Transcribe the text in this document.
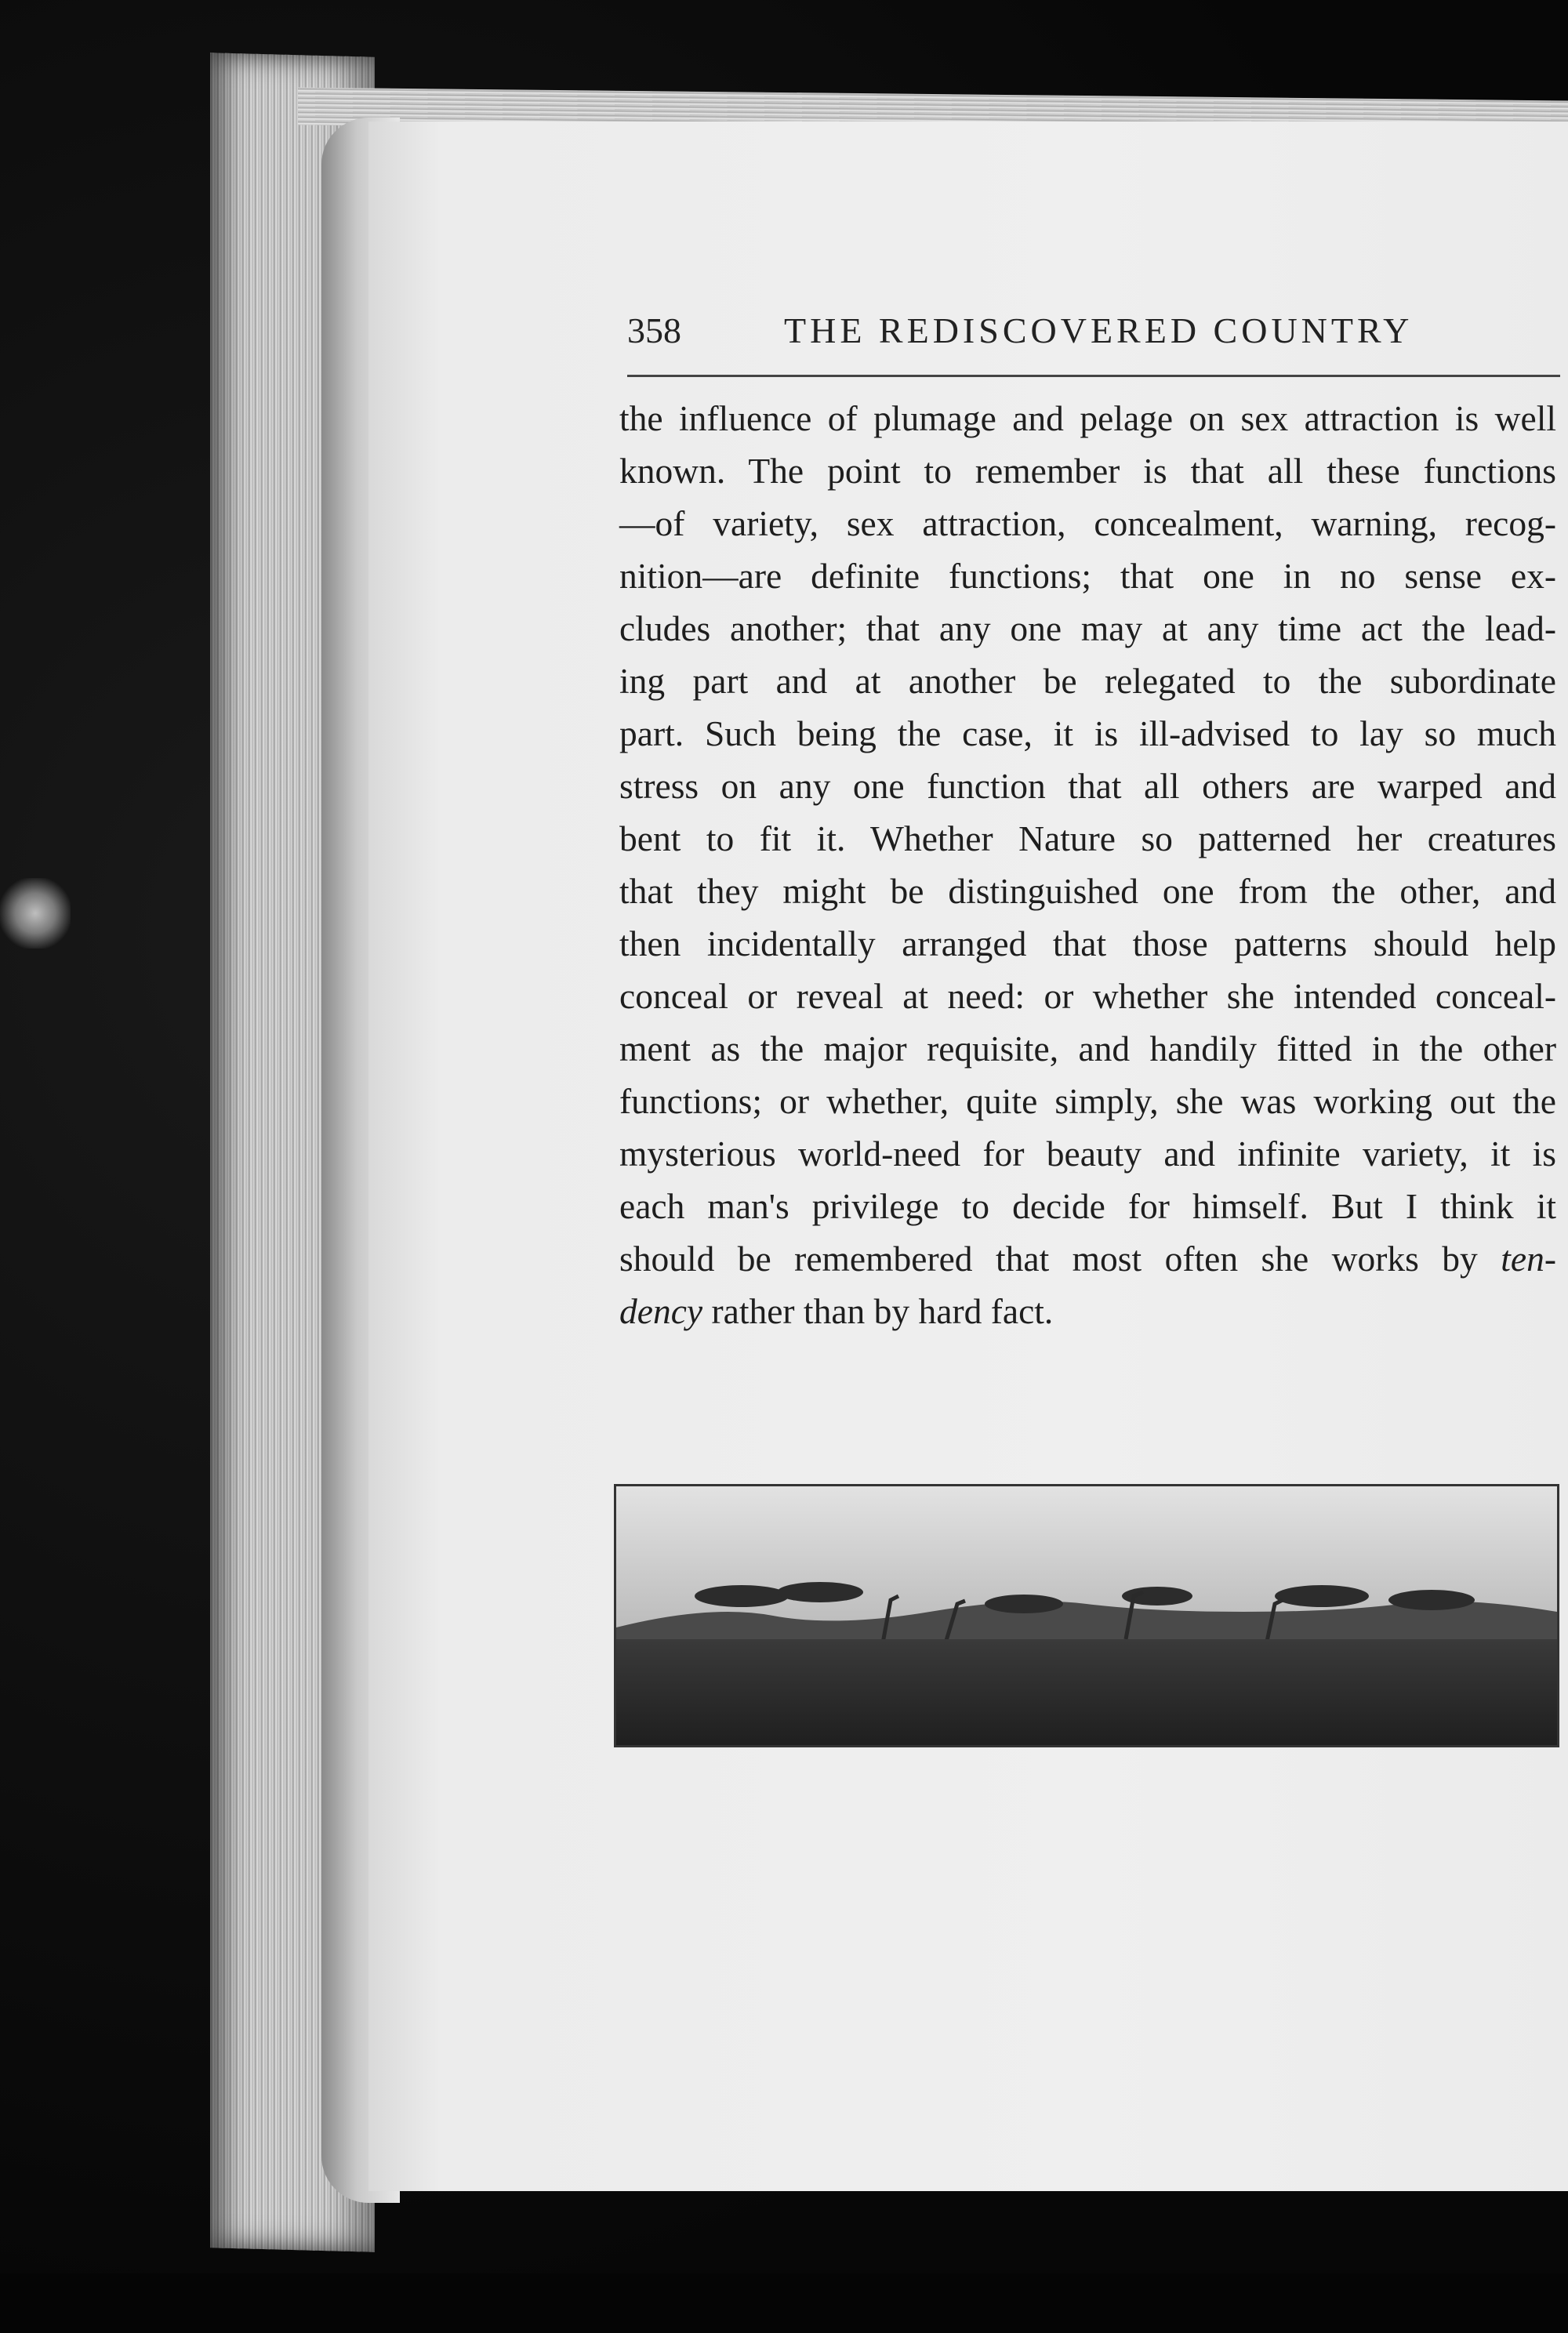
358	THE REDISCOVERED COUNTRY
the influence of plumage and pelage on sex attraction is well
known. The point to remember is that all these functions
—of variety, sex attraction, concealment, warning, recog-
nition—are definite functions; that one in no sense ex-
cludes another; that any one may at any time act the lead-
ing part and at another be relegated to the subordinate
part. Such being the case, it is ill-advised to lay so much
stress on any one function that all others are warped and
bent to fit it. Whether Nature so patterned her creatures
that they might be distinguished one from the other, and
then incidentally arranged that those patterns should help
conceal or reveal at need: or whether she intended conceal-
ment as the major requisite, and handily fitted in the other
functions; or whether, quite simply, she was working out the
mysterious world-need for beauty and infinite variety, it is
each man's privilege to decide for himself. But I think it
should be remembered that most often she works by ten-
dency rather than by hard fact.
